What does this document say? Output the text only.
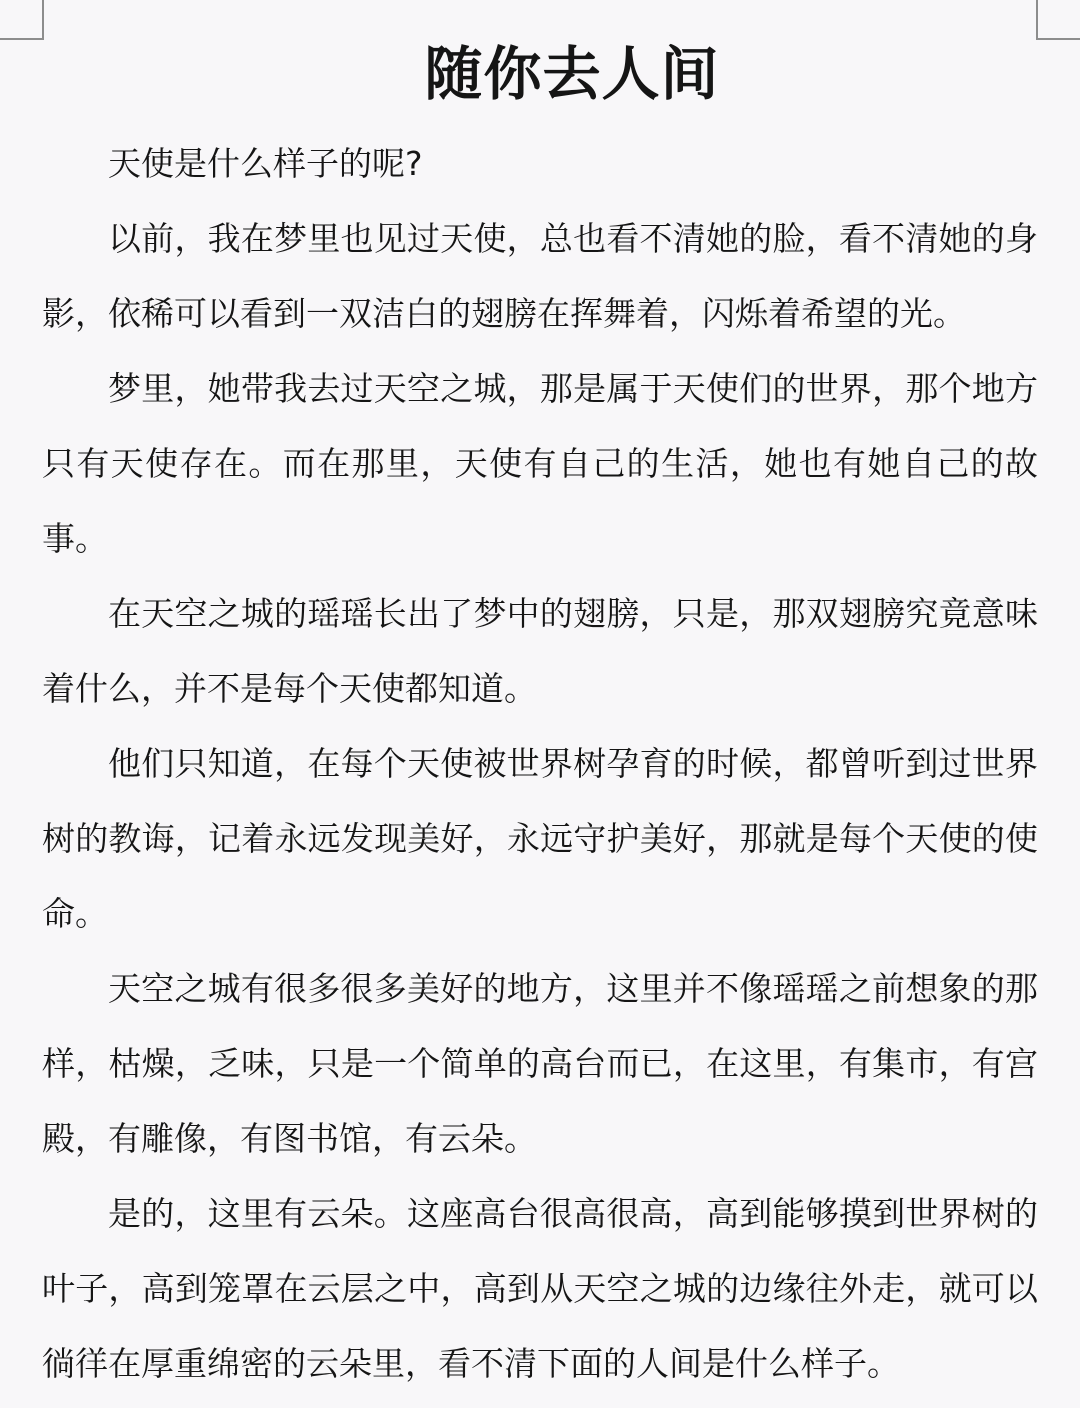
随你去人间

天使是什么样子的呢?

以前，我在梦里也见过天使，总也看不清她的脸，看不清她的身影，依稀可以看到一双洁白的翅膀在挥舞着，闪烁着希望的光。

梦里，她带我去过天空之城，那是属于天使们的世界，那个地方只有天使存在。而在那里，天使有自己的生活，她也有她自己的故事。

在天空之城的瑶瑶长出了梦中的翅膀，只是，那双翅膀究竟意味着什么，并不是每个天使都知道。

他们只知道，在每个天使被世界树孕育的时候，都曾听到过世界树的教诲，记着永远发现美好，永远守护美好，那就是每个天使的使命。

天空之城有很多很多美好的地方，这里并不像瑶瑶之前想象的那样，枯燥，乏味，只是一个简单的高台而已，在这里，有集市，有宫殿，有雕像，有图书馆，有云朵。

是的，这里有云朵。这座高台很高很高，高到能够摸到世界树的叶子，高到笼罩在云层之中，高到从天空之城的边缘往外走，就可以徜徉在厚重绵密的云朵里，看不清下面的人间是什么样子。
